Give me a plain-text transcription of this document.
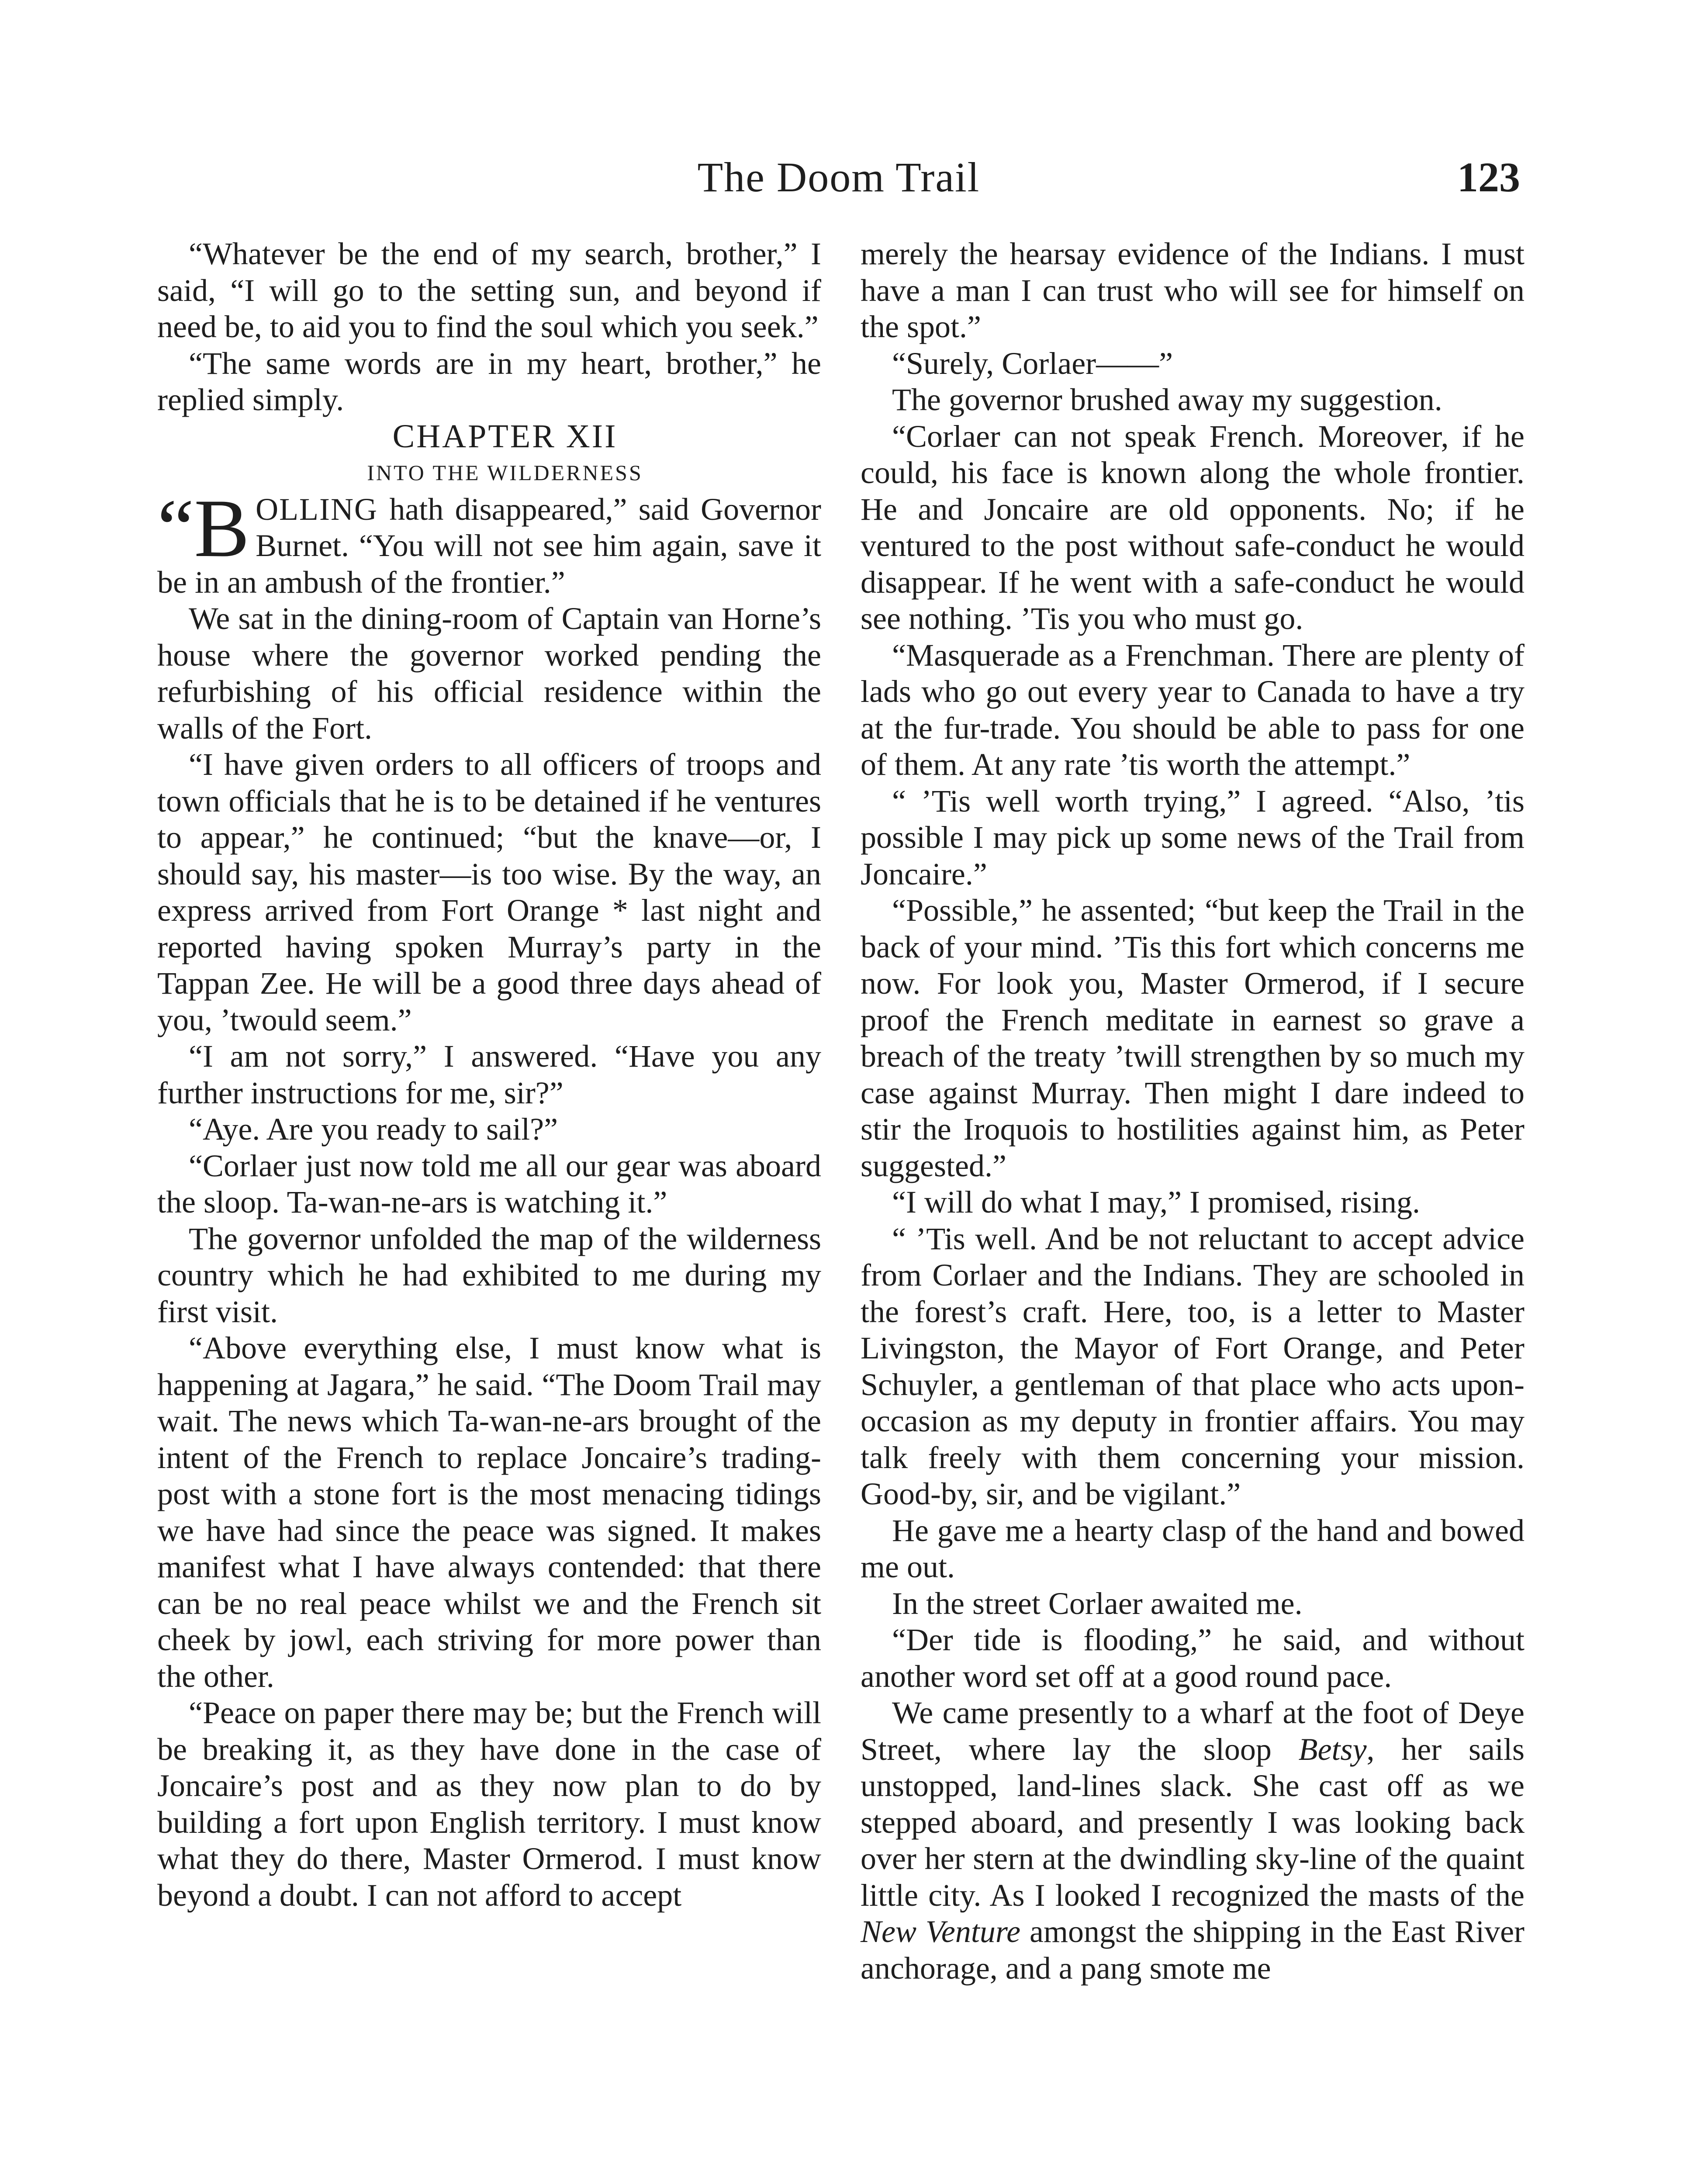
The Doom Trail	123

“Whatever be the end of my search, brother,” I said, “I will go to the setting sun, and beyond if need be, to aid you to find the soul which you seek.”

“The same words are in my heart, brother,” he replied simply.

CHAPTER XII

INTO THE WILDERNESS

“B OLLING hath disappeared,” said Governor Burnet. “You will not see him again, save it be in an ambush of the frontier.”

We sat in the dining-room of Captain van Horne’s house where the governor worked pending the refurbishing of his official residence within the walls of the Fort.

“I have given orders to all officers of troops and town officials that he is to be detained if he ventures to appear,” he continued; “but the knave—or, I should say, his master—is too wise. By the way, an express arrived from Fort Orange * last night and reported having spoken Murray’s party in the Tappan Zee. He will be a good three days ahead of you, ’twould seem.”

“I am not sorry,” I answered. “Have you any further instructions for me, sir?”

“Aye. Are you ready to sail?”

“Corlaer just now told me all our gear was aboard the sloop. Ta-wan-ne-ars is watching it.”

The governor unfolded the map of the wilderness country which he had exhibited to me during my first visit.

“Above everything else, I must know what is happening at Jagara,” he said. “The Doom Trail may wait. The news which Ta-wan-ne-ars brought of the intent of the French to replace Joncaire’s trading-post with a stone fort is the most menacing tidings we have had since the peace was signed. It makes manifest what I have always contended: that there can be no real peace whilst we and the French sit cheek by jowl, each striving for more power than the other.

“Peace on paper there may be; but the French will be breaking it, as they have done in the case of Joncaire’s post and as they now plan to do by building a fort upon English territory. I must know what they do there, Master Ormerod. I must know beyond a doubt. I can not afford to accept

merely the hearsay evidence of the Indians. I must have a man I can trust who will see for himself on the spot.”

“Surely, Corlaer——”

The governor brushed away my suggestion.

“Corlaer can not speak French. Moreover, if he could, his face is known along the whole frontier. He and Joncaire are old opponents. No; if he ventured to the post without safe-conduct he would disappear. If he went with a safe-conduct he would see nothing. ’Tis you who must go.

“Masquerade as a Frenchman. There are plenty of lads who go out every year to Canada to have a try at the fur-trade. You should be able to pass for one of them. At any rate ’tis worth the attempt.”

“ ’Tis well worth trying,” I agreed. “Also, ’tis possible I may pick up some news of the Trail from Joncaire.”

“Possible,” he assented; “but keep the Trail in the back of your mind. ’Tis this fort which concerns me now. For look you, Master Ormerod, if I secure proof the French meditate in earnest so grave a breach of the treaty ’twill strengthen by so much my case against Murray. Then might I dare indeed to stir the Iroquois to hostilities against him, as Peter suggested.”

“I will do what I may,” I promised, rising.

“ ’Tis well. And be not reluctant to accept advice from Corlaer and the Indians. They are schooled in the forest’s craft. Here, too, is a letter to Master Livingston, the Mayor of Fort Orange, and Peter Schuyler, a gentleman of that place who acts upon-occasion as my deputy in frontier affairs. You may talk freely with them concerning your mission. Good-by, sir, and be vigilant.”

He gave me a hearty clasp of the hand and bowed me out.

In the street Corlaer awaited me.

“Der tide is flooding,” he said, and without another word set off at a good round pace.

We came presently to a wharf at the foot of Deye Street, where lay the sloop Betsy, her sails unstopped, land-lines slack. She cast off as we stepped aboard, and presently I was looking back over her stern at the dwindling sky-line of the quaint little city. As I looked I recognized the masts of the New Venture amongst the shipping in the East River anchorage, and a pang smote me
